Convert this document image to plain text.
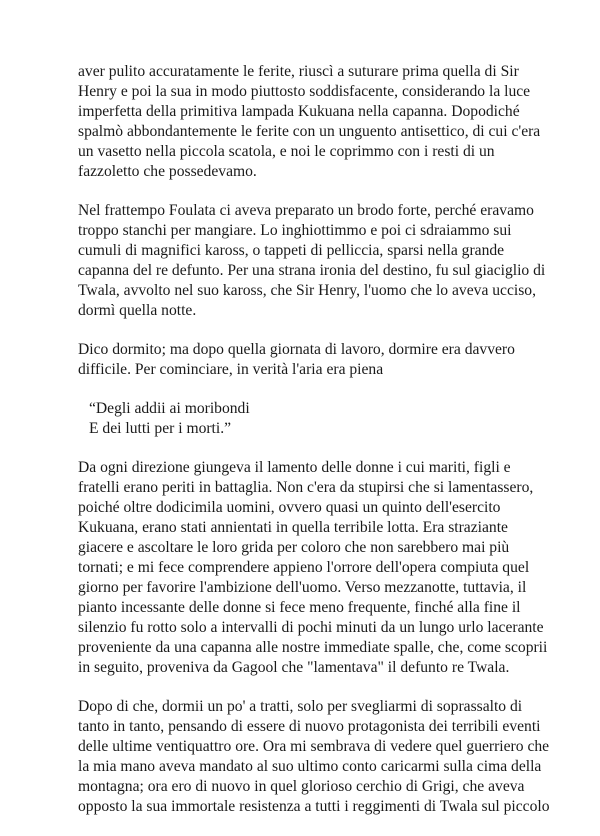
aver pulito accuratamente le ferite, riuscì a suturare prima quella di Sir
Henry e poi la sua in modo piuttosto soddisfacente, considerando la luce
imperfetta della primitiva lampada Kukuana nella capanna. Dopodiché
spalmò abbondantemente le ferite con un unguento antisettico, di cui c'era
un vasetto nella piccola scatola, e noi le coprimmo con i resti di un
fazzoletto che possedevamo.
Nel frattempo Foulata ci aveva preparato un brodo forte, perché eravamo
troppo stanchi per mangiare. Lo inghiottimmo e poi ci sdraiammo sui
cumuli di magnifici kaross, o tappeti di pelliccia, sparsi nella grande
capanna del re defunto. Per una strana ironia del destino, fu sul giaciglio di
Twala, avvolto nel suo kaross, che Sir Henry, l'uomo che lo aveva ucciso,
dormì quella notte.
Dico dormito; ma dopo quella giornata di lavoro, dormire era davvero
difficile. Per cominciare, in verità l'aria era piena
“Degli addii ai moribondi
E dei lutti per i morti.”
Da ogni direzione giungeva il lamento delle donne i cui mariti, figli e
fratelli erano periti in battaglia. Non c'era da stupirsi che si lamentassero,
poiché oltre dodicimila uomini, ovvero quasi un quinto dell'esercito
Kukuana, erano stati annientati in quella terribile lotta. Era straziante
giacere e ascoltare le loro grida per coloro che non sarebbero mai più
tornati; e mi fece comprendere appieno l'orrore dell'opera compiuta quel
giorno per favorire l'ambizione dell'uomo. Verso mezzanotte, tuttavia, il
pianto incessante delle donne si fece meno frequente, finché alla fine il
silenzio fu rotto solo a intervalli di pochi minuti da un lungo urlo lacerante
proveniente da una capanna alle nostre immediate spalle, che, come scoprii
in seguito, proveniva da Gagool che "lamentava" il defunto re Twala.
Dopo di che, dormii un po' a tratti, solo per svegliarmi di soprassalto di
tanto in tanto, pensando di essere di nuovo protagonista dei terribili eventi
delle ultime ventiquattro ore. Ora mi sembrava di vedere quel guerriero che
la mia mano aveva mandato al suo ultimo conto caricarmi sulla cima della
montagna; ora ero di nuovo in quel glorioso cerchio di Grigi, che aveva
opposto la sua immortale resistenza a tutti i reggimenti di Twala sul piccolo
